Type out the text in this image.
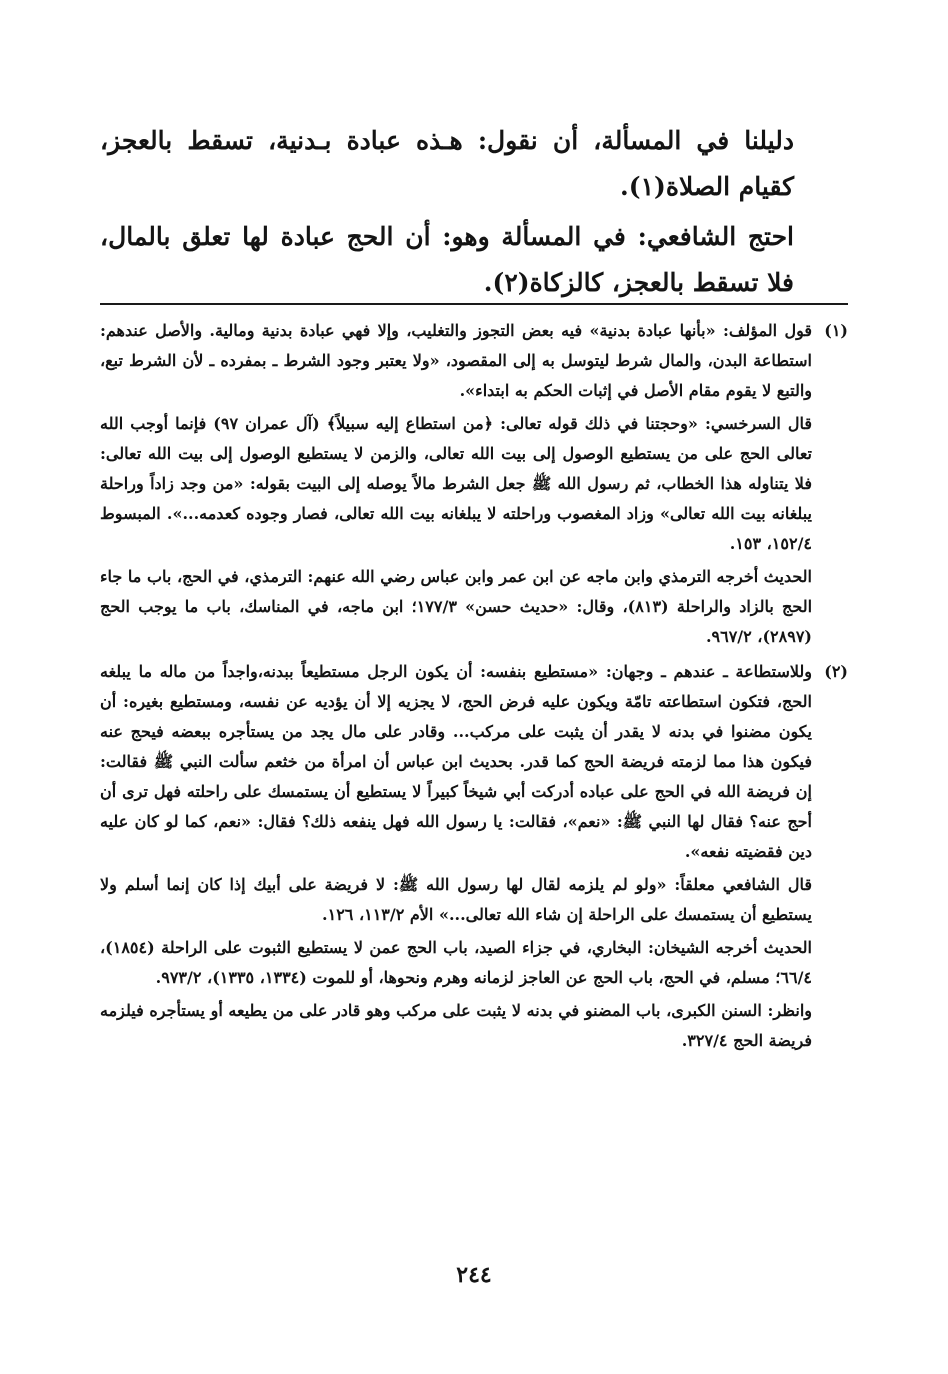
دليلنا في المسألة، أن نقول: هـذه عبادة بـدنية، تسقط بالعجز، كقيام الصلاة(١).

احتج الشافعي: في المسألة وهو: أن الحج عبادة لها تعلق بالمال، فلا تسقط بالعجز، كالزكاة(٢).

(١)

قول المؤلف: «بأنها عبادة بدنية» فيه بعض التجوز والتغليب، وإلا فهي عبادة بدنية ومالية. والأصل عندهم: استطاعة البدن، والمال شرط ليتوسل به إلى المقصود، «ولا يعتبر وجود الشرط ـ بمفرده ـ لأن الشرط تبع، والتبع لا يقوم مقام الأصل في إثبات الحكم به ابتداء».

قال السرخسي: «وحجتنا في ذلك قوله تعالى: ﴿من استطاع إليه سبيلاً﴾ (آل عمران ٩٧) فإنما أوجب الله تعالى الحج على من يستطيع الوصول إلى بيت الله تعالى، والزمن لا يستطيع الوصول إلى بيت الله تعالى: فلا يتناوله هذا الخطاب، ثم رسول الله ﷺ جعل الشرط مالاً يوصله إلى البيت بقوله: «من وجد زاداً وراحلة يبلغانه بيت الله تعالى» وزاد المغصوب وراحلته لا يبلغانه بيت الله تعالى، فصار وجوده كعدمه...». المبسوط ١٥٢/٤، ١٥٣.

الحديث أخرجه الترمذي وابن ماجه عن ابن عمر وابن عباس رضي الله عنهم: الترمذي، في الحج، باب ما جاء الحج بالزاد والراحلة (٨١٣)، وقال: «حديث حسن» ١٧٧/٣؛ ابن ماجه، في المناسك، باب ما يوجب الحج (٢٨٩٧)، ٩٦٧/٢.

(٢)

وللاستطاعة ـ عندهم ـ وجهان: «مستطيع بنفسه: أن يكون الرجل مستطيعاً ببدنه،واجداً من ماله ما يبلغه الحج، فتكون استطاعته تامّة ويكون عليه فرض الحج، لا يجزيه إلا أن يؤديه عن نفسه، ومستطيع بغيره: أن يكون مضنوا في بدنه لا يقدر أن يثبت على مركب... وقادر على مال يجد من يستأجره ببعضه فيحج عنه فيكون هذا مما لزمته فريضة الحج كما قدر. بحديث ابن عباس أن امرأة من خثعم سألت النبي ﷺ فقالت: إن فريضة الله في الحج على عباده أدركت أبي شيخاً كبيراً لا يستطيع أن يستمسك على راحلته فهل ترى أن أحج عنه؟ فقال لها النبي ﷺ: «نعم»، فقالت: يا رسول الله فهل ينفعه ذلك؟ فقال: «نعم، كما لو كان عليه دين فقضيته نفعه».

قال الشافعي معلقاً: «ولو لم يلزمه لقال لها رسول الله ﷺ: لا فريضة على أبيك إذا كان إنما أسلم ولا يستطيع أن يستمسك على الراحلة إن شاء الله تعالى...» الأم ١١٣/٢، ١٢٦.

الحديث أخرجه الشيخان: البخاري، في جزاء الصيد، باب الحج عمن لا يستطيع الثبوت على الراحلة (١٨٥٤)، ٦٦/٤؛ مسلم، في الحج، باب الحج عن العاجز لزمانه وهرم ونحوها، أو للموت (١٣٣٤، ١٣٣٥)، ٩٧٣/٢.

وانظر: السنن الكبرى، باب المضنو في بدنه لا يثبت على مركب وهو قادر على من يطيعه أو يستأجره فيلزمه فريضة الحج ٣٢٧/٤.

٢٤٤
